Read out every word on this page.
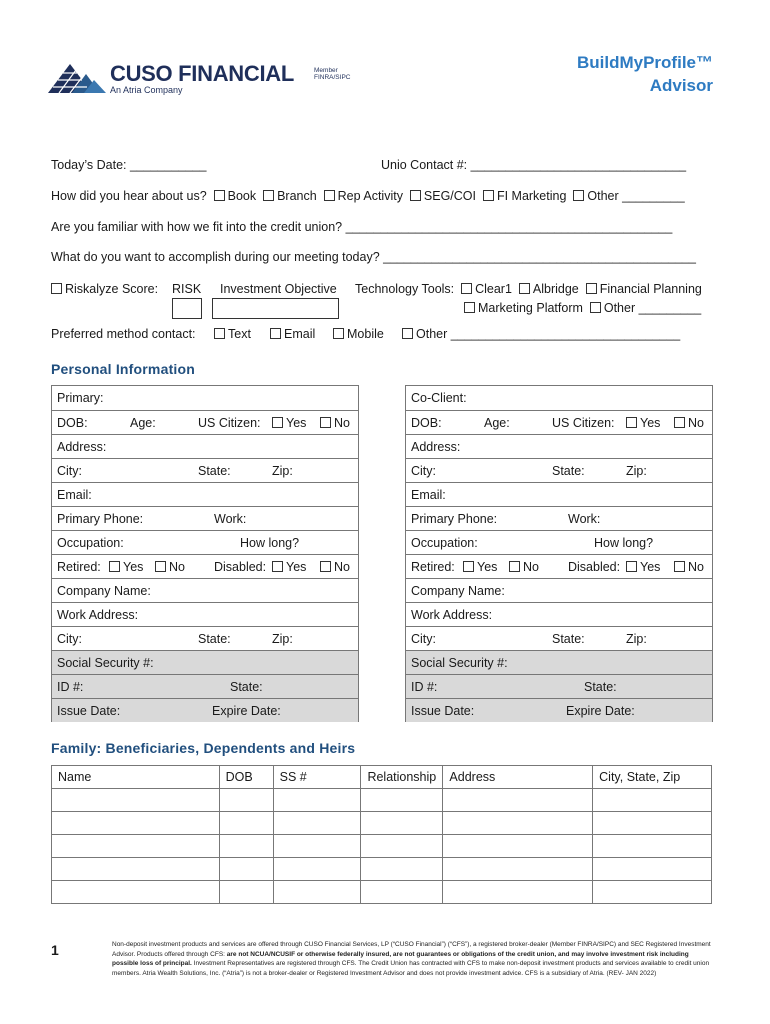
CUSO FINANCIAL
An Atria Company
Member
FINRA/SIPC
BuildMyProfile™
Advisor
Today’s Date: ___________	Unio Contact #: _______________________________
How did you hear about us? Book Branch Rep Activity SEG/COI FI Marketing Other _________
Are you familiar with how we fit into the credit union? _______________________________________________
What do you want to accomplish during our meeting today? _____________________________________________
Riskalyze Score: RISK Investment Objective Technology Tools: Clear1 Albridge Financial Planning
Marketing Platform Other _________
Preferred method contact:	Text	Email	Mobile	Other _________________________________
Personal Information
Primary:
DOB:	Age:	US Citizen:	Yes	No
Address:
City:	State:	Zip:
Email:
Primary Phone:	Work:
Occupation:	How long?
Retired:	Yes	No Disabled:	Yes	No
Company Name:
Work Address:
City:	State:	Zip:
Social Security #:
ID #:	State:
Issue Date:	Expire Date:
Co-Client:
DOB:	Age:	US Citizen:	Yes	No
Address:
City:	State:	Zip:
Email:
Primary Phone:	Work:
Occupation:	How long?
Retired:	Yes	No Disabled:	Yes	No
Company Name:
Work Address:
City:	State:	Zip:
Social Security #:
ID #:	State:
Issue Date:	Expire Date:
Family: Beneficiaries, Dependents and Heirs
Name	DOB	SS #	Relationship	Address	City, State, Zip

1	Non-deposit investment products and services are offered through CUSO Financial Services, LP (“CUSO Financial”) (“CFS”), a registered broker-dealer (Member FINRA/SIPC) and SEC Registered Investment Advisor. Products offered through CFS: are not NCUA/NCUSIF or otherwise federally insured, are not guarantees or obligations of the credit union, and may involve investment risk including possible loss of principal. Investment Representatives are registered through CFS. The Credit Union has contracted with CFS to make non-deposit investment products and services available to credit union members. Atria Wealth Solutions, Inc. (“Atria”) is not a broker-dealer or Registered Investment Advisor and does not provide investment advice. CFS is a subsidiary of Atria. (REV- JAN 2022)
